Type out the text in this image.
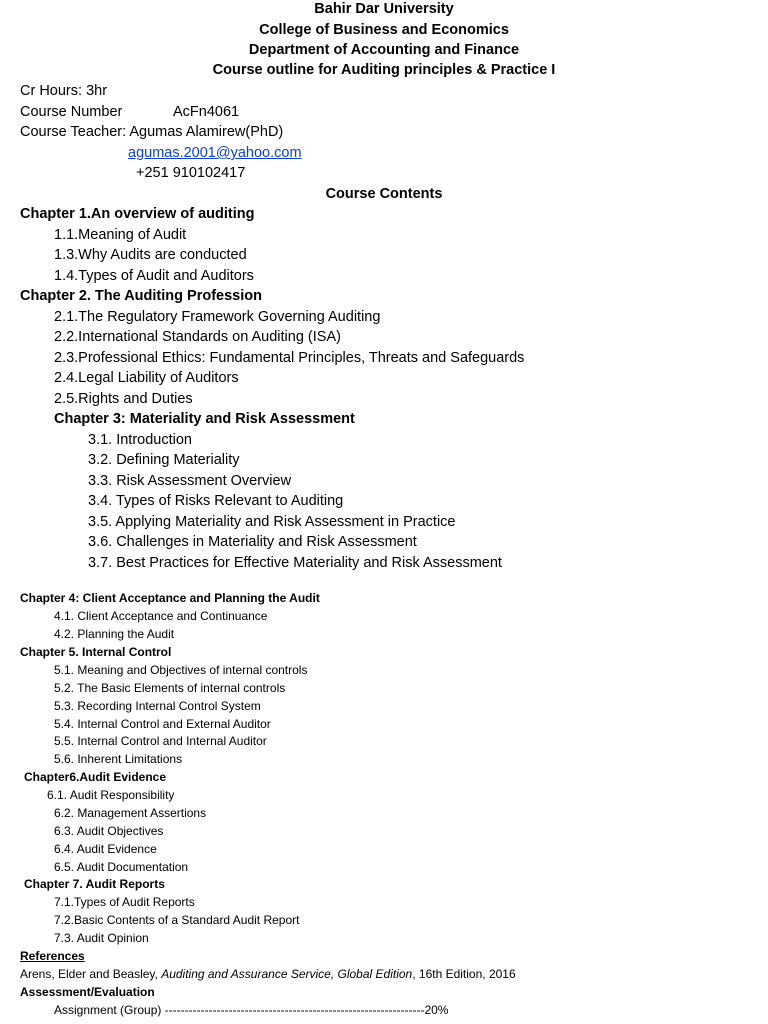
Bahir Dar University
College of Business and Economics
Department of Accounting and Finance
Course outline for Auditing principles & Practice I
Cr Hours: 3hr
Course Number	AcFn4061
Course Teacher: Agumas Alamirew(PhD)
agumas.2001@yahoo.com
+251 910102417
Course Contents
Chapter 1.An overview of auditing
1.1.Meaning of Audit
1.3.Why Audits are conducted
1.4.Types of Audit and Auditors
Chapter 2. The Auditing Profession
2.1.The Regulatory Framework Governing Auditing
2.2.International Standards on Auditing (ISA)
2.3.Professional Ethics: Fundamental Principles, Threats and Safeguards
2.4.Legal Liability of Auditors
2.5.Rights and Duties
Chapter 3: Materiality and Risk Assessment
3.1. Introduction
3.2. Defining Materiality
3.3. Risk Assessment Overview
3.4. Types of Risks Relevant to Auditing
3.5. Applying Materiality and Risk Assessment in Practice
3.6. Challenges in Materiality and Risk Assessment
3.7. Best Practices for Effective Materiality and Risk Assessment
Chapter 4: Client Acceptance and Planning the Audit
4.1. Client Acceptance and Continuance
4.2. Planning the Audit
Chapter 5. Internal Control
5.1. Meaning and Objectives of internal controls
5.2. The Basic Elements of internal controls
5.3. Recording Internal Control System
5.4. Internal Control and External Auditor
5.5. Internal Control and Internal Auditor
5.6. Inherent Limitations
Chapter6.Audit Evidence
6.1. Audit Responsibility
6.2. Management Assertions
6.3. Audit Objectives
6.4. Audit Evidence
6.5. Audit Documentation
Chapter 7. Audit Reports
7.1.Types of Audit Reports
7.2.Basic Contents of a Standard Audit Report
7.3. Audit Opinion
References
Arens, Elder and Beasley, Auditing and Assurance Service, Global Edition, 16th Edition, 2016
Assessment/Evaluation
Assignment (Group) -----------------------------------------------------------------20%
